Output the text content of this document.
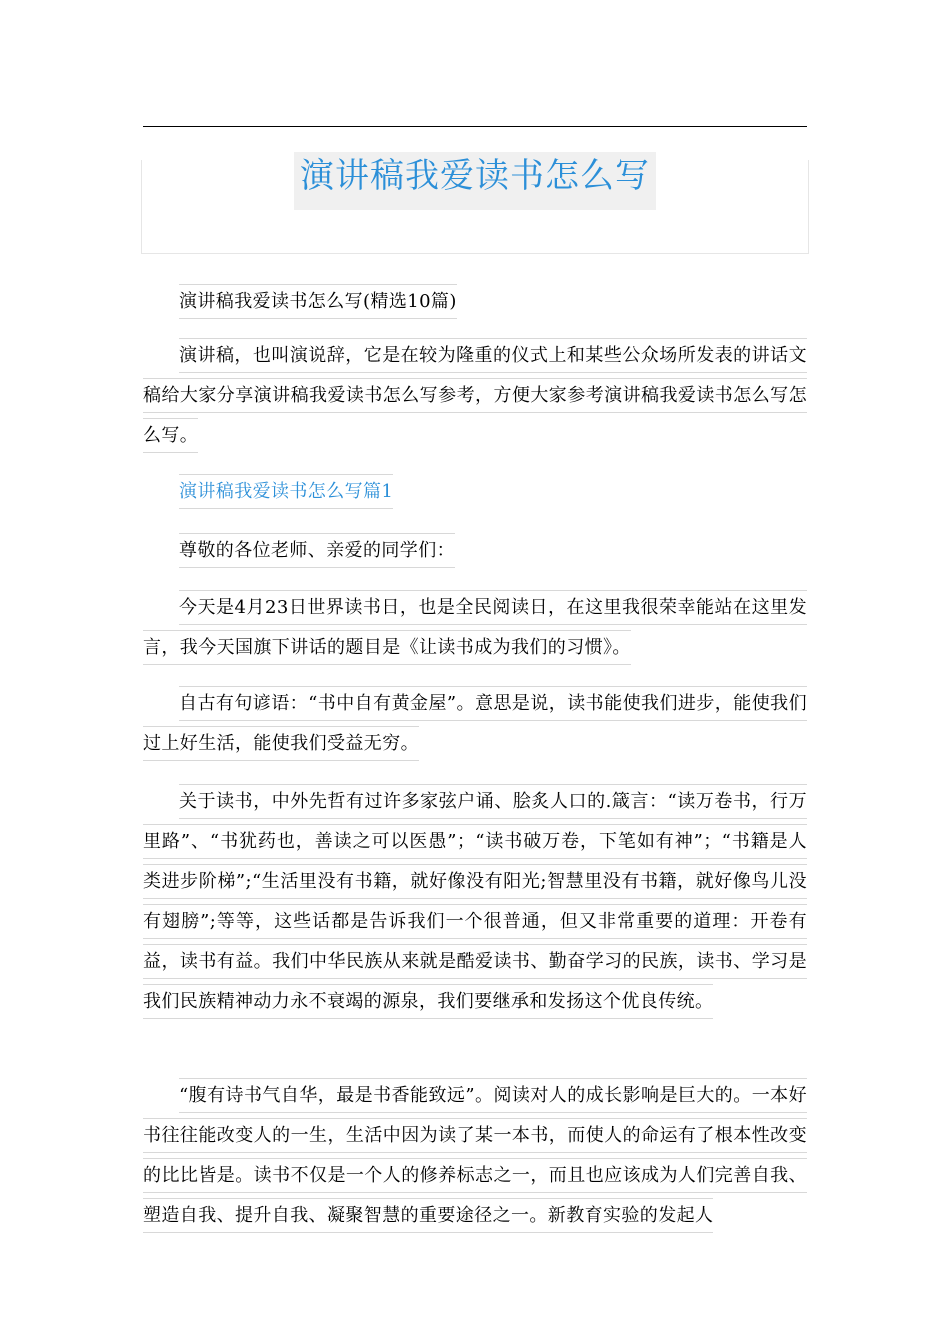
演讲稿我爱读书怎么写

演讲稿我爱读书怎么写(精选10篇)

演讲稿，也叫演说辞，它是在较为隆重的仪式上和某些公众场所发表的讲话文稿给大家分享演讲稿我爱读书怎么写参考，方便大家参考演讲稿我爱读书怎么写怎么写。

演讲稿我爱读书怎么写篇1

尊敬的各位老师、亲爱的同学们：

今天是4月23日世界读书日，也是全民阅读日，在这里我很荣幸能站在这里发言，我今天国旗下讲话的题目是《让读书成为我们的习惯》。

自古有句谚语：“书中自有黄金屋”。意思是说，读书能使我们进步，能使我们过上好生活，能使我们受益无穷。

关于读书，中外先哲有过许多家弦户诵、脍炙人口的.箴言：“读万卷书，行万里路”、“书犹药也，善读之可以医愚”；“读书破万卷，下笔如有神”；“书籍是人类进步阶梯”;“生活里没有书籍，就好像没有阳光;智慧里没有书籍，就好像鸟儿没有翅膀”;等等，这些话都是告诉我们一个很普通，但又非常重要的道理：开卷有益，读书有益。我们中华民族从来就是酷爱读书、勤奋学习的民族，读书、学习是我们民族精神动力永不衰竭的源泉，我们要继承和发扬这个优良传统。

“腹有诗书气自华，最是书香能致远”。阅读对人的成长影响是巨大的。一本好书往往能改变人的一生，生活中因为读了某一本书，而使人的命运有了根本性改变的比比皆是。读书不仅是一个人的修养标志之一，而且也应该成为人们完善自我、塑造自我、提升自我、凝聚智慧的重要途径之一。新教育实验的发起人
